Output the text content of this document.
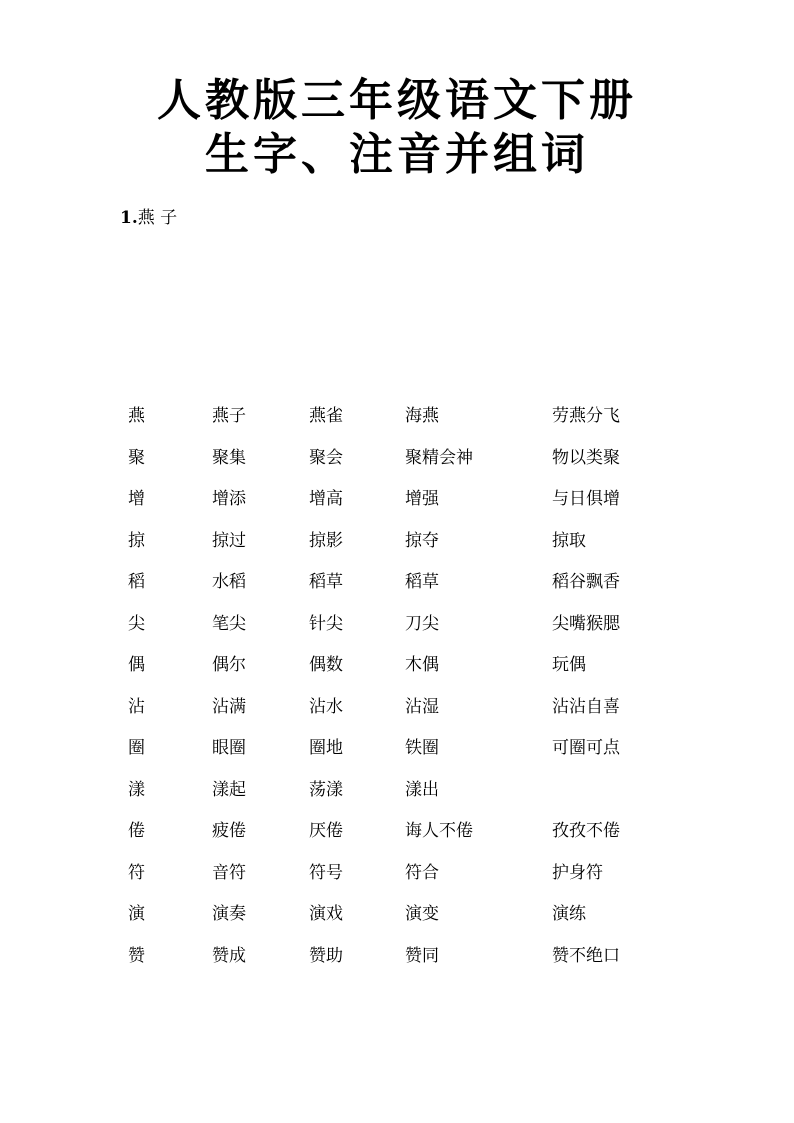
人教版三年级语文下册
生字、注音并组词
1.燕 子
燕	燕子	燕雀	海燕	劳燕分飞
聚	聚集	聚会	聚精会神	物以类聚
增	增添	增高	增强	与日俱增
掠	掠过	掠影	掠夺	掠取
稻	水稻	稻草	稻草	稻谷飘香
尖	笔尖	针尖	刀尖	尖嘴猴腮
偶	偶尔	偶数	木偶	玩偶
沾	沾满	沾水	沾湿	沾沾自喜
圈	眼圈	圈地	铁圈	可圈可点
漾	漾起	荡漾	漾出	
倦	疲倦	厌倦	诲人不倦	孜孜不倦
符	音符	符号	符合	护身符
演	演奏	演戏	演变	演练
赞	赞成	赞助	赞同	赞不绝口
